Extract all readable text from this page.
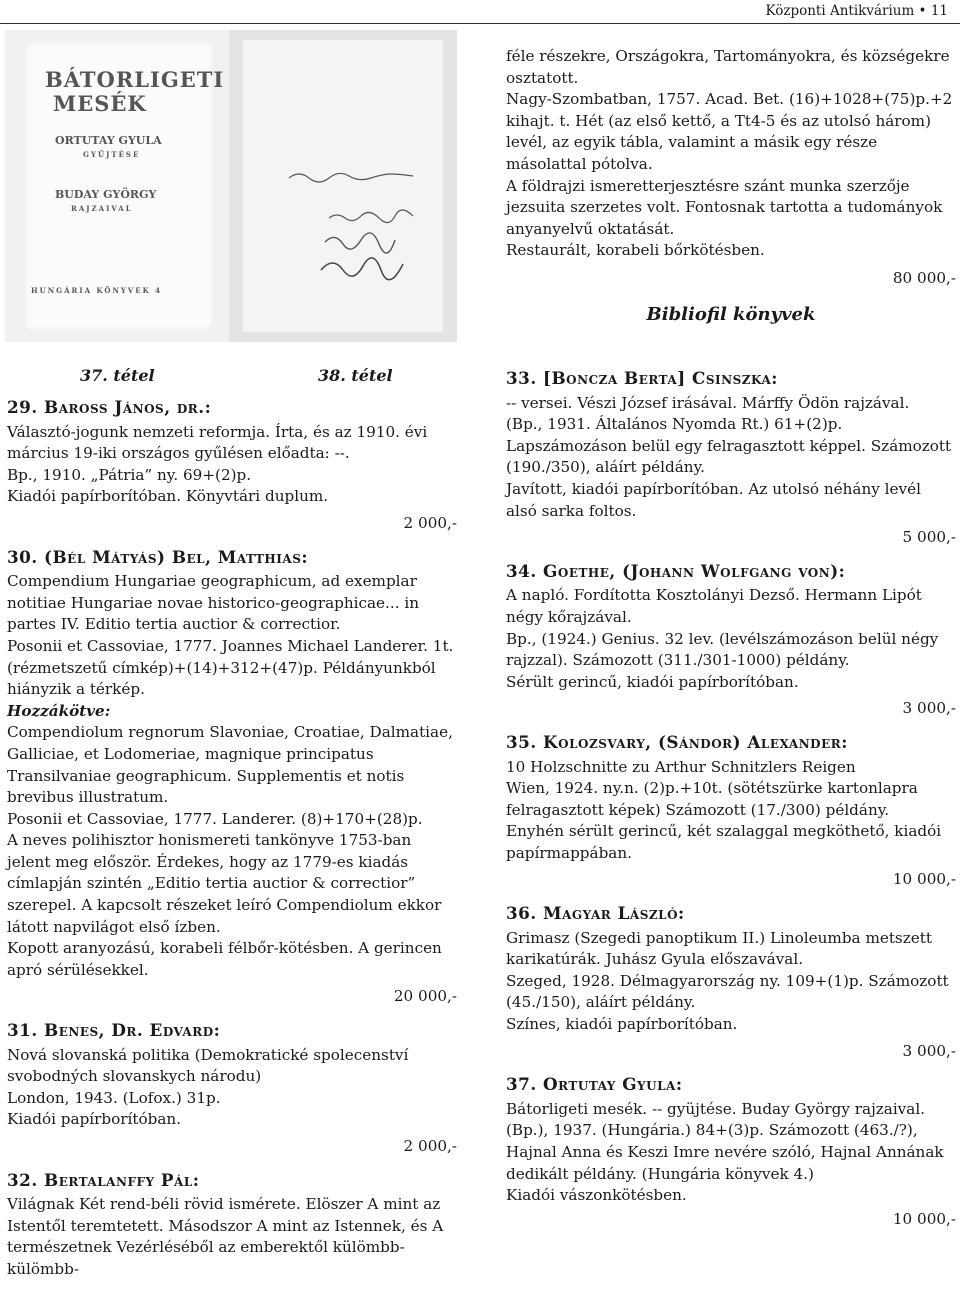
Központi Antikvárium • 11
BÁTORLIGETI
MESÉK
ORTUTAY GYULA
GYŰJTÉSE
BUDAY GYÖRGY
RAJZAIVAL
HUNGÁRIA KÖNYVEK 4
37. tétel	38. tétel

féle részekre, Országokra, Tartományokra, és községekre osztatott.

Nagy-Szombatban, 1757. Acad. Bet. (16)+1028+(75)p.+2 kihajt. t. Hét (az első kettő, a Tt4-5 és az utolsó három) levél, az egyik tábla, valamint a másik egy része másolattal pótolva.

A földrajzi ismeretterjesztésre szánt munka szerzője jezsuita szerzetes volt. Fontosnak tartotta a tudományok anyanyelvű oktatását.

Restaurált, korabeli bőrkötésben.

80 000,-

Bibliofil könyvek

29. Baross János, dr.:

Választó-jogunk nemzeti reformja. Írta, és az 1910. évi március 19-iki országos gyűlésen előadta: --.

Bp., 1910. „Pátria” ny. 69+(2)p.

Kiadói papírborítóban. Könyvtári duplum.

2 000,-

30. (Bél Mátyás) Bel, Matthias:

Compendium Hungariae geographicum, ad exemplar notitiae Hungariae novae historico-geographicae... in partes IV. Editio tertia auctior & correctior.

Posonii et Cassoviae, 1777. Joannes Michael Landerer. 1t. (rézmetszetű címkép)+(14)+312+(47)p. Példányunkból hiányzik a térkép.

Hozzákötve:

Compendiolum regnorum Slavoniae, Croatiae, Dalmatiae, Galliciae, et Lodomeriae, magnique principatus Transilvaniae geographicum. Supplementis et notis brevibus illustratum.

Posonii et Cassoviae, 1777. Landerer. (8)+170+(28)p.

A neves polihisztor honismereti tankönyve 1753-ban jelent meg először. Érdekes, hogy az 1779-es kiadás címlapján szintén „Editio tertia auctior & correctior” szerepel. A kapcsolt részeket leíró Compendiolum ekkor látott napvilágot első ízben.

Kopott aranyozású, korabeli félbőr-kötésben. A gerincen apró sérülésekkel.

20 000,-

31. Benes, Dr. Edvard:

Nová slovanská politika (Demokratické spolecenství svobodných slovanskych národu)

London, 1943. (Lofox.) 31p.

Kiadói papírborítóban.

2 000,-

32. Bertalanffy Pál:

Világnak Két rend-béli rövid ismérete. Elöszer A mint az Istentől teremtetett. Másodszor A mint az Istennek, és A természetnek Vezérléséből az emberektől külömbb-külömbb-

33. [Boncza Berta] Csinszka:

-- versei. Vészi József irásával. Márffy Ödön rajzával.

(Bp., 1931. Általános Nyomda Rt.) 61+(2)p. Lapszámozáson belül egy felragasztott képpel. Számozott (190./350), aláírt példány.

Javított, kiadói papírborítóban. Az utolsó néhány levél alsó sarka foltos.

5 000,-

34. Goethe, (Johann Wolfgang von):

A napló. Fordította Kosztolányi Dezső. Hermann Lipót négy kőrajzával.

Bp., (1924.) Genius. 32 lev. (levélszámozáson belül négy rajzzal). Számozott (311./301-1000) példány.

Sérült gerincű, kiadói papírborítóban.

3 000,-

35. Kolozsvary, (Sándor) Alexander:

10 Holzschnitte zu Arthur Schnitzlers Reigen

Wien, 1924. ny.n. (2)p.+10t. (sötétszürke kartonlapra felragasztott képek) Számozott (17./300) példány.

Enyhén sérült gerincű, két szalaggal megköthető, kiadói papírmappában.

10 000,-

36. Magyar László:

Grimasz (Szegedi panoptikum II.) Linoleumba metszett karikatúrák. Juhász Gyula előszavával.

Szeged, 1928. Délmagyarország ny. 109+(1)p. Számozott (45./150), aláírt példány.

Színes, kiadói papírborítóban.

3 000,-

37. Ortutay Gyula:

Bátorligeti mesék. -- gyüjtése. Buday György rajzaival.

(Bp.), 1937. (Hungária.) 84+(3)p. Számozott (463./?), Hajnal Anna és Keszi Imre nevére szóló, Hajnal Annának dedikált példány. (Hungária könyvek 4.)

Kiadói vászonkötésben.

10 000,-
